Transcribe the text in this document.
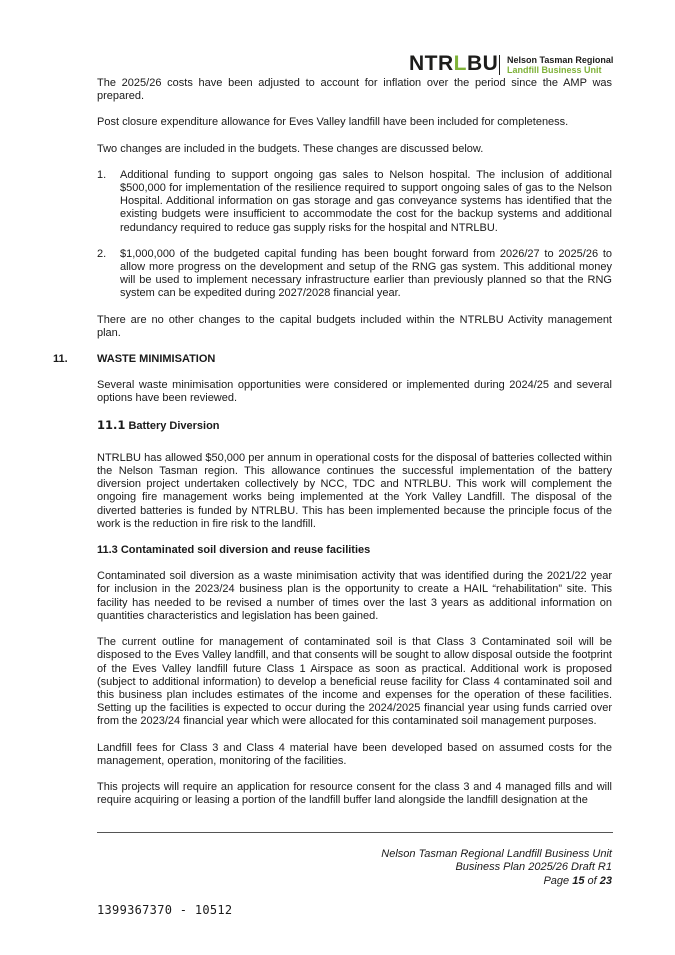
NTRLBU Nelson Tasman Regional
Landfill Business Unit

The 2025/26 costs have been adjusted to account for inflation over the period since the AMP was prepared.

Post closure expenditure allowance for Eves Valley landfill have been included for completeness.

Two changes are included in the budgets. These changes are discussed below.

1. Additional funding to support ongoing gas sales to Nelson hospital. The inclusion of additional $500,000 for implementation of the resilience required to support ongoing sales of gas to the Nelson Hospital. Additional information on gas storage and gas conveyance systems has identified that the existing budgets were insufficient to accommodate the cost for the backup systems and additional redundancy required to reduce gas supply risks for the hospital and NTRLBU.
2. $1,000,000 of the budgeted capital funding has been bought forward from 2026/27 to 2025/26 to allow more progress on the development and setup of the RNG gas system. This additional money will be used to implement necessary infrastructure earlier than previously planned so that the RNG system can be expedited during 2027/2028 financial year.

There are no other changes to the capital budgets included within the NTRLBU Activity management plan.

11.	WASTE MINIMISATION

Several waste minimisation opportunities were considered or implemented during 2024/25 and several options have been reviewed.

11.1 Battery Diversion

NTRLBU has allowed $50,000 per annum in operational costs for the disposal of batteries collected within the Nelson Tasman region. This allowance continues the successful implementation of the battery diversion project undertaken collectively by NCC, TDC and NTRLBU. This work will complement the ongoing fire management works being implemented at the York Valley Landfill. The disposal of the diverted batteries is funded by NTRLBU. This has been implemented because the principle focus of the work is the reduction in fire risk to the landfill.

11.3 Contaminated soil diversion and reuse facilities

Contaminated soil diversion as a waste minimisation activity that was identified during the 2021/22 year for inclusion in the 2023/24 business plan is the opportunity to create a HAIL “rehabilitation” site. This facility has needed to be revised a number of times over the last 3 years as additional information on quantities characteristics and legislation has been gained.

The current outline for management of contaminated soil is that Class 3 Contaminated soil will be disposed to the Eves Valley landfill, and that consents will be sought to allow disposal outside the footprint of the Eves Valley landfill future Class 1 Airspace as soon as practical. Additional work is proposed (subject to additional information) to develop a beneficial reuse facility for Class 4 contaminated soil and this business plan includes estimates of the income and expenses for the operation of these facilities. Setting up the facilities is expected to occur during the 2024/2025 financial year using funds carried over from the 2023/24 financial year which were allocated for this contaminated soil management purposes.

Landfill fees for Class 3 and Class 4 material have been developed based on assumed costs for the management, operation, monitoring of the facilities.

This projects will require an application for resource consent for the class 3 and 4 managed fills and will require acquiring or leasing a portion of the landfill buffer land alongside the landfill designation at the

Nelson Tasman Regional Landfill Business Unit
Business Plan 2025/26 Draft R1
Page 15 of 23
1399367370 - 10512
